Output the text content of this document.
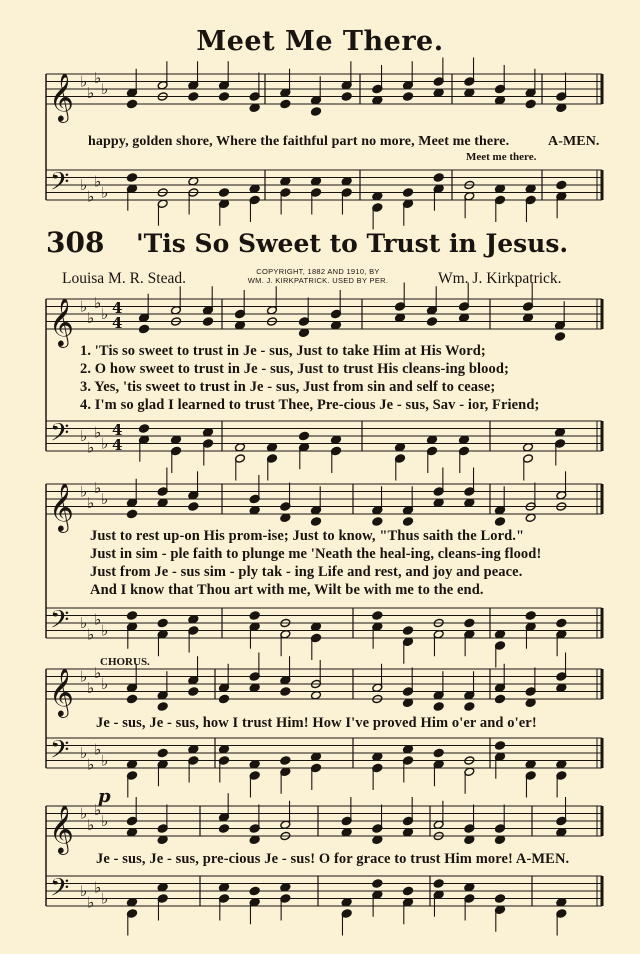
Meet Me There.
308 'Tis So Sweet to Trust in Jesus.
Louisa M. R. Stead.	COPYRIGHT, 1882 AND 1910, BY
WM. J. KIRKPATRICK. USED BY PER.	Wm. J. Kirkpatrick.
happy, golden shore, Where the faithful part no more, Meet me there.	A-MEN.
Meet me there.
1. 'Tis so sweet to trust in Je - sus, Just to take Him at His Word;
2. O how sweet to trust in Je - sus, Just to trust His cleans-ing blood;
3. Yes, 'tis sweet to trust in Je - sus, Just from sin and self to cease;
4. I'm so glad I learned to trust Thee, Pre-cious Je - sus, Sav - ior, Friend;
Just to rest up-on His prom-ise; Just to know, "Thus saith the Lord."
Just in sim - ple faith to plunge me 'Neath the heal-ing, cleans-ing flood!
Just from Je - sus sim - ply tak - ing Life and rest, and joy and peace.
And I know that Thou art with me, Wilt be with me to the end.
CHORUS.
Je - sus, Je - sus, how I trust Him! How I've proved Him o'er and o'er!
Je - sus, Je - sus, pre-cious Je - sus! O for grace to trust Him more! A-MEN.
p
𝄞 ♭
♭
♭
♭
𝄢 ♭
♭
♭
♭
𝄞 ♭
♭
♭
♭ 4
4
𝄢 ♭
♭
♭
♭
4
4
𝄞 ♭
♭
♭
♭
𝄢 ♭
♭
♭
♭
𝄞 ♭
♭
♭
♭
𝄢 ♭
♭
♭
♭
𝄞 ♭
♭
♭
♭
𝄢 ♭
♭
♭
♭
